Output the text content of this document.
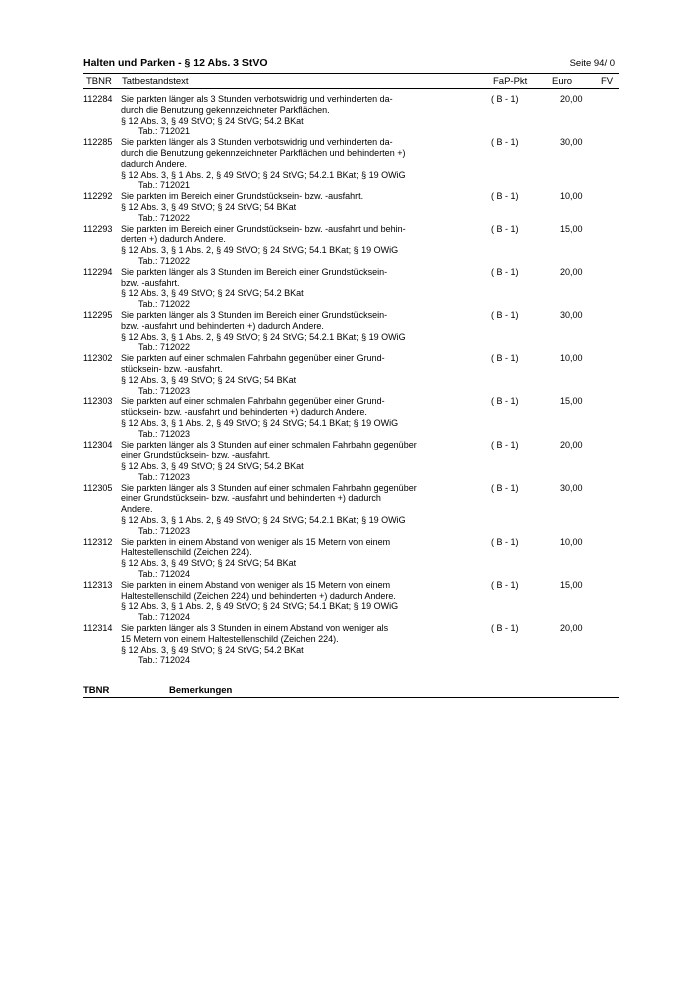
Halten und Parken - § 12 Abs. 3 StVO	Seite 94/ 0
TBNR Tatbestandstext	FaP-Pkt	Euro	FV
112284 Sie parkten länger als 3 Stunden verbotswidrig und verhinderten da-
durch die Benutzung gekennzeichneter Parkflächen.
§ 12 Abs. 3, § 49 StVO; § 24 StVG; 54.2 BKat
Tab.: 712021
( B - 1)	20,00
112285 Sie parkten länger als 3 Stunden verbotswidrig und verhinderten da-
durch die Benutzung gekennzeichneter Parkflächen und behinderten +)
dadurch Andere.
§ 12 Abs. 3, § 1 Abs. 2, § 49 StVO; § 24 StVG; 54.2.1 BKat; § 19 OWiG
Tab.: 712021
( B - 1)	30,00
112292 Sie parkten im Bereich einer Grundstücksein- bzw. -ausfahrt.
§ 12 Abs. 3, § 49 StVO; § 24 StVG; 54 BKat
Tab.: 712022
( B - 1)	10,00
112293 Sie parkten im Bereich einer Grundstücksein- bzw. -ausfahrt und behin-
derten +) dadurch Andere.
§ 12 Abs. 3, § 1 Abs. 2, § 49 StVO; § 24 StVG; 54.1 BKat; § 19 OWiG
Tab.: 712022
( B - 1)	15,00
112294 Sie parkten länger als 3 Stunden im Bereich einer Grundstücksein-
bzw. -ausfahrt.
§ 12 Abs. 3, § 49 StVO; § 24 StVG; 54.2 BKat
Tab.: 712022
( B - 1)	20,00
112295 Sie parkten länger als 3 Stunden im Bereich einer Grundstücksein-
bzw. -ausfahrt und behinderten +) dadurch Andere.
§ 12 Abs. 3, § 1 Abs. 2, § 49 StVO; § 24 StVG; 54.2.1 BKat; § 19 OWiG
Tab.: 712022
( B - 1)	30,00
112302 Sie parkten auf einer schmalen Fahrbahn gegenüber einer Grund-
stücksein- bzw. -ausfahrt.
§ 12 Abs. 3, § 49 StVO; § 24 StVG; 54 BKat
Tab.: 712023
( B - 1)	10,00
112303 Sie parkten auf einer schmalen Fahrbahn gegenüber einer Grund-
stücksein- bzw. -ausfahrt und behinderten +) dadurch Andere.
§ 12 Abs. 3, § 1 Abs. 2, § 49 StVO; § 24 StVG; 54.1 BKat; § 19 OWiG
Tab.: 712023
( B - 1)	15,00
112304 Sie parkten länger als 3 Stunden auf einer schmalen Fahrbahn gegenüber
einer Grundstücksein- bzw. -ausfahrt.
§ 12 Abs. 3, § 49 StVO; § 24 StVG; 54.2 BKat
Tab.: 712023
( B - 1)	20,00
112305 Sie parkten länger als 3 Stunden auf einer schmalen Fahrbahn gegenüber
einer Grundstücksein- bzw. -ausfahrt und behinderten +) dadurch
Andere.
§ 12 Abs. 3, § 1 Abs. 2, § 49 StVO; § 24 StVG; 54.2.1 BKat; § 19 OWiG
Tab.: 712023
( B - 1)	30,00
112312 Sie parkten in einem Abstand von weniger als 15 Metern von einem
Haltestellenschild (Zeichen 224).
§ 12 Abs. 3, § 49 StVO; § 24 StVG; 54 BKat
Tab.: 712024
( B - 1)	10,00
112313 Sie parkten in einem Abstand von weniger als 15 Metern von einem
Haltestellenschild (Zeichen 224) und behinderten +) dadurch Andere.
§ 12 Abs. 3, § 1 Abs. 2, § 49 StVO; § 24 StVG; 54.1 BKat; § 19 OWiG
Tab.: 712024
( B - 1)	15,00
112314 Sie parkten länger als 3 Stunden in einem Abstand von weniger als
15 Metern von einem Haltestellenschild (Zeichen 224).
§ 12 Abs. 3, § 49 StVO; § 24 StVG; 54.2 BKat
Tab.: 712024
( B - 1)	20,00
TBNR	Bemerkungen
